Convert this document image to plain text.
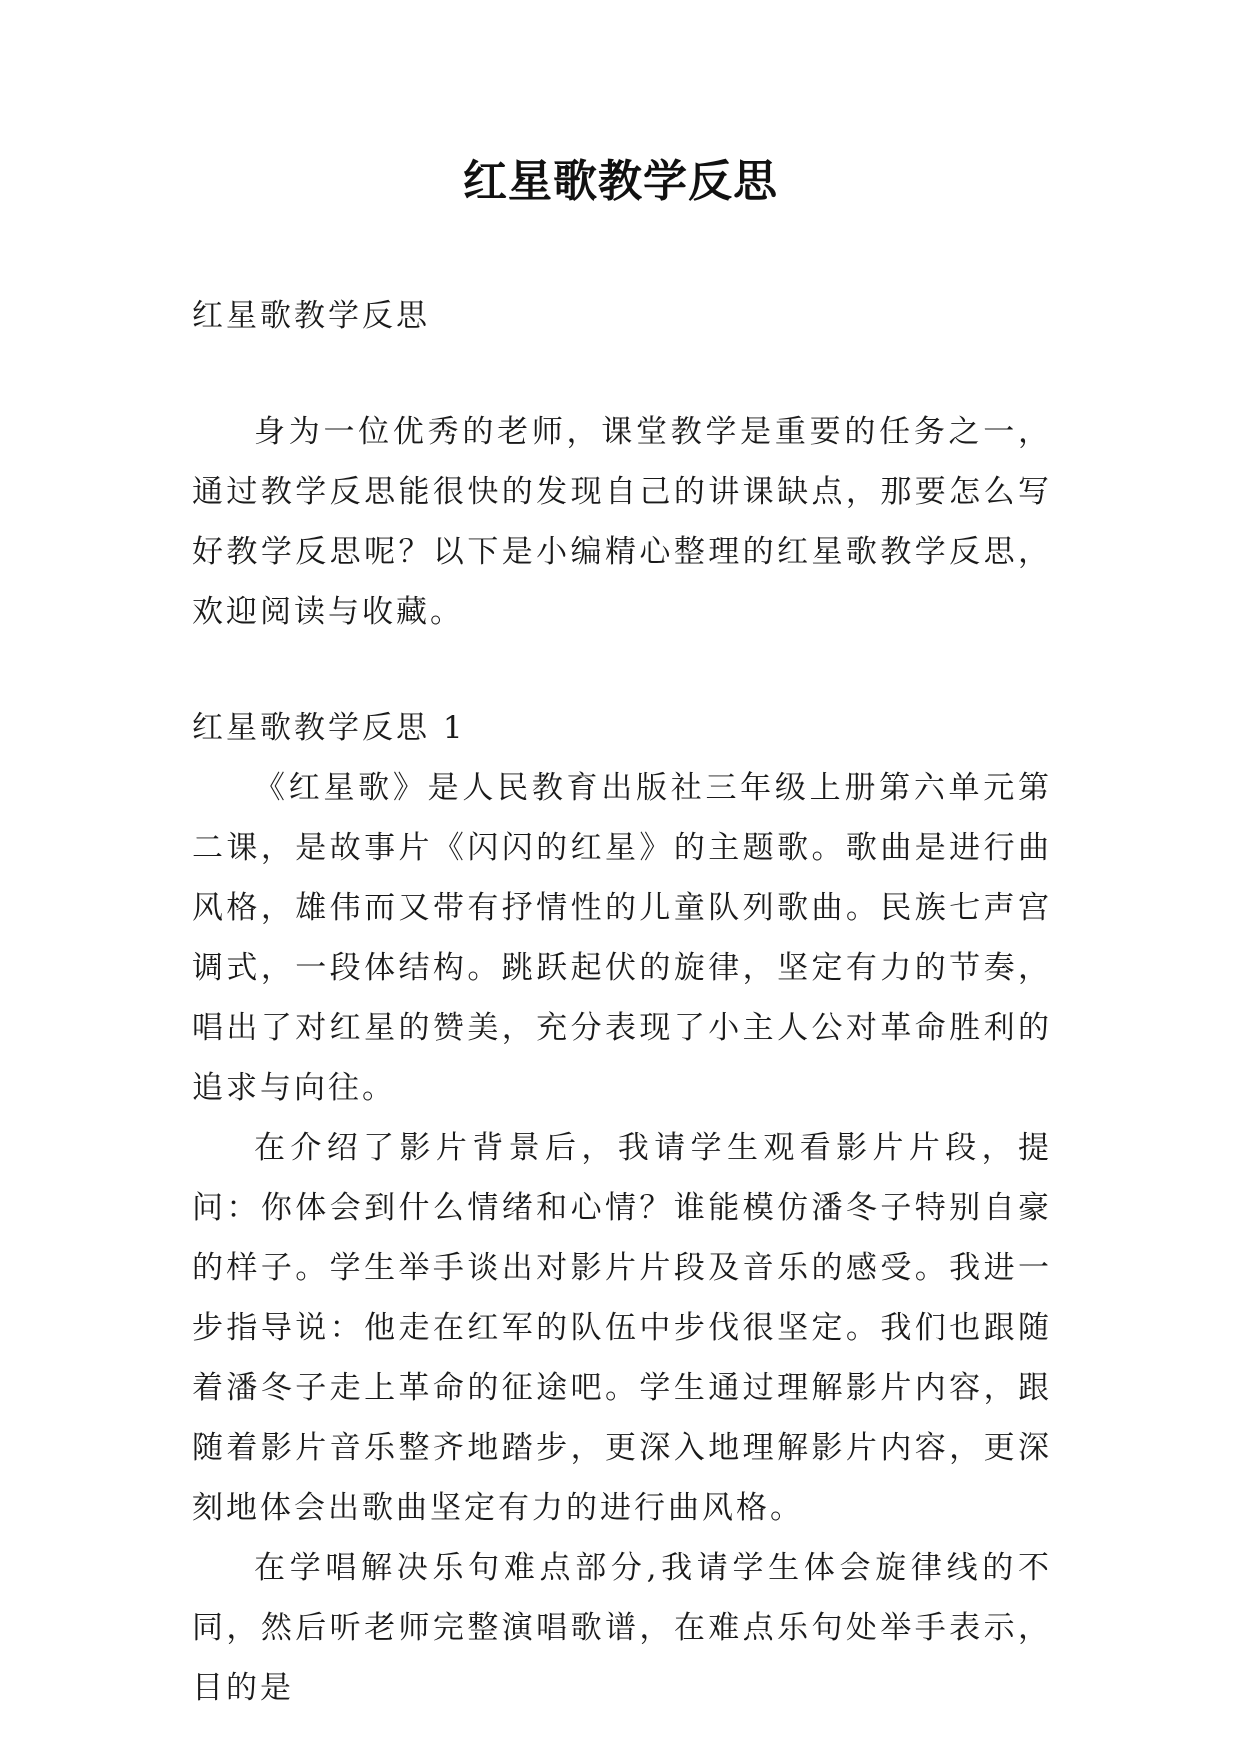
红星歌教学反思

红星歌教学反思

身为一位优秀的老师，课堂教学是重要的任务之一，通过教学反思能很快的发现自己的讲课缺点，那要怎么写好教学反思呢？以下是小编精心整理的红星歌教学反思，欢迎阅读与收藏。

红星歌教学反思 1

《红星歌》是人民教育出版社三年级上册第六单元第二课，是故事片《闪闪的红星》的主题歌。歌曲是进行曲风格，雄伟而又带有抒情性的儿童队列歌曲。民族七声宫调式，一段体结构。跳跃起伏的旋律，坚定有力的节奏，唱出了对红星的赞美，充分表现了小主人公对革命胜利的追求与向往。

在介绍了影片背景后，我请学生观看影片片段，提问：你体会到什么情绪和心情？谁能模仿潘冬子特别自豪的样子。学生举手谈出对影片片段及音乐的感受。我进一步指导说：他走在红军的队伍中步伐很坚定。我们也跟随着潘冬子走上革命的征途吧。学生通过理解影片内容，跟随着影片音乐整齐地踏步，更深入地理解影片内容，更深刻地体会出歌曲坚定有力的进行曲风格。

在学唱解决乐句难点部分,我请学生体会旋律线的不同，然后听老师完整演唱歌谱，在难点乐句处举手表示，目的是
